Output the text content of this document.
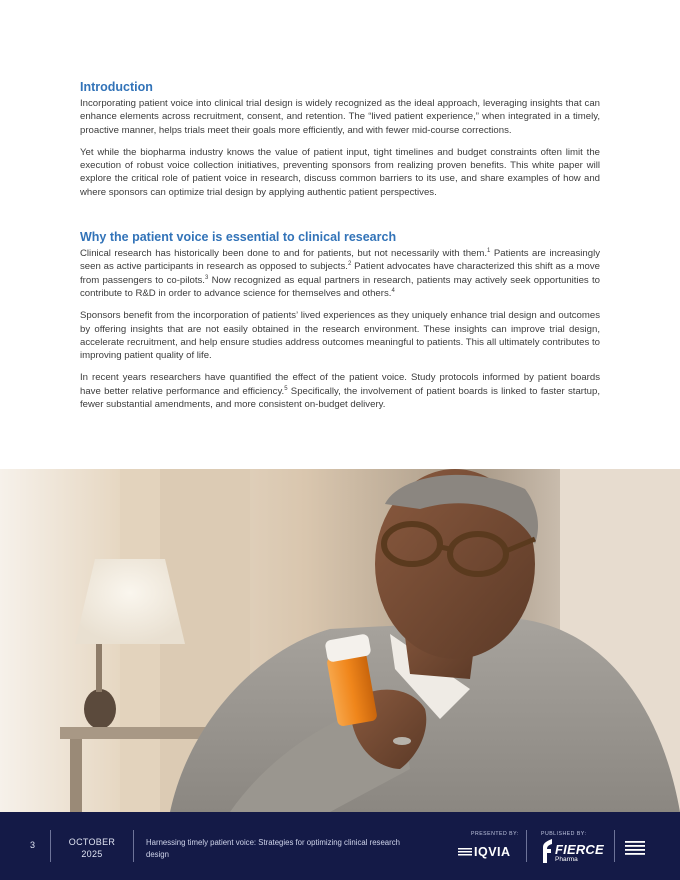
Introduction

Incorporating patient voice into clinical trial design is widely recognized as the ideal approach, leveraging insights that can enhance elements across recruitment, consent, and retention. The “lived patient experience,” when integrated in a timely, proactive manner, helps trials meet their goals more efficiently, and with fewer mid-course corrections.

Yet while the biopharma industry knows the value of patient input, tight timelines and budget constraints often limit the execution of robust voice collection initiatives, preventing sponsors from realizing proven benefits. This white paper will explore the critical role of patient voice in research, discuss common barriers to its use, and share examples of how and where sponsors can optimize trial design by applying authentic patient perspectives.

Why the patient voice is essential to clinical research

Clinical research has historically been done to and for patients, but not necessarily with them.$^1$ Patients are increasingly seen as active participants in research as opposed to subjects.$^2$ Patient advocates have characterized this shift as a move from passengers to co-pilots.$^3$ Now recognized as equal partners in research, patients may actively seek opportunities to contribute to R&D in order to advance science for themselves and others.$^4$

Sponsors benefit from the incorporation of patients’ lived experiences as they uniquely enhance trial design and outcomes by offering insights that are not easily obtained in the research environment. These insights can improve trial design, accelerate recruitment, and help ensure studies address outcomes meaningful to patients. This all ultimately contributes to improving patient quality of life.

In recent years researchers have quantified the effect of the patient voice. Study protocols informed by patient boards have better relative performance and efficiency.$^5$ Specifically, the involvement of patient boards is linked to faster startup, fewer substantial amendments, and more consistent on-budget delivery.

3	OCTOBER
2025
Harnessing timely patient voice: Strategies for optimizing clinical research design
PRESENTED BY:
IQVIA
PUBLISHED BY:
FIERCE
Pharma
